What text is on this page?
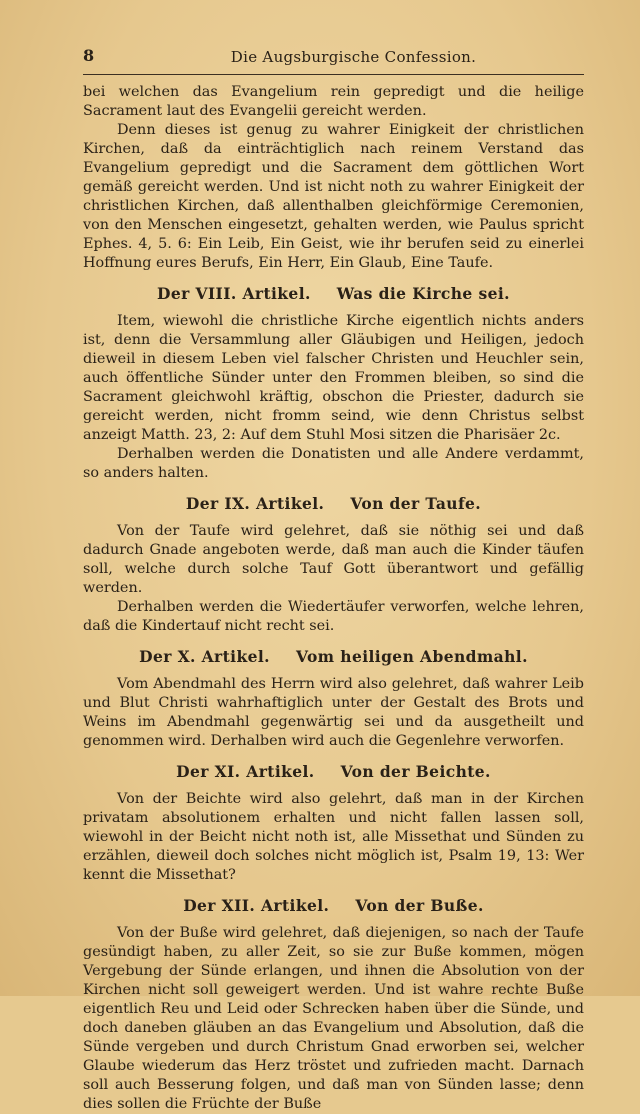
8	Die Augsburgische Confession.

bei welchen das Evangelium rein gepredigt und die heilige Sacrament laut des Evangelii gereicht werden.

Denn dieses ist genug zu wahrer Einigkeit der christlichen Kirchen, daß da einträchtiglich nach reinem Verstand das Evangelium gepredigt und die Sacrament dem göttlichen Wort gemäß gereicht werden. Und ist nicht noth zu wahrer Einigkeit der christlichen Kirchen, daß allenthalben gleichförmige Ceremonien, von den Menschen eingesetzt, gehalten werden, wie Paulus spricht Ephes. 4, 5. 6: Ein Leib, Ein Geist, wie ihr berufen seid zu einerlei Hoffnung eures Berufs, Ein Herr, Ein Glaub, Eine Taufe.

Der VIII. Artikel. Was die Kirche sei.

Item, wiewohl die christliche Kirche eigentlich nichts anders ist, denn die Versammlung aller Gläubigen und Heiligen, jedoch dieweil in diesem Leben viel falscher Christen und Heuchler sein, auch öffentliche Sünder unter den Frommen bleiben, so sind die Sacrament gleichwohl kräftig, obschon die Priester, dadurch sie gereicht werden, nicht fromm seind, wie denn Christus selbst anzeigt Matth. 23, 2: Auf dem Stuhl Mosi sitzen die Pharisäer 2c.

Derhalben werden die Donatisten und alle Andere verdammt, so anders halten.

Der IX. Artikel. Von der Taufe.

Von der Taufe wird gelehret, daß sie nöthig sei und daß dadurch Gnade angeboten werde, daß man auch die Kinder täufen soll, welche durch solche Tauf Gott überantwort und gefällig werden.

Derhalben werden die Wiedertäufer verworfen, welche lehren, daß die Kindertauf nicht recht sei.

Der X. Artikel. Vom heiligen Abendmahl.

Vom Abendmahl des Herrn wird also gelehret, daß wahrer Leib und Blut Christi wahrhaftiglich unter der Gestalt des Brots und Weins im Abendmahl gegenwärtig sei und da ausgetheilt und genommen wird. Derhalben wird auch die Gegenlehre verworfen.

Der XI. Artikel. Von der Beichte.

Von der Beichte wird also gelehrt, daß man in der Kirchen privatam absolutionem erhalten und nicht fallen lassen soll, wiewohl in der Beicht nicht noth ist, alle Missethat und Sünden zu erzählen, dieweil doch solches nicht möglich ist, Psalm 19, 13: Wer kennt die Missethat?

Der XII. Artikel. Von der Buße.

Von der Buße wird gelehret, daß diejenigen, so nach der Taufe gesündigt haben, zu aller Zeit, so sie zur Buße kommen, mögen Vergebung der Sünde erlangen, und ihnen die Absolution von der Kirchen nicht soll geweigert werden. Und ist wahre rechte Buße eigentlich Reu und Leid oder Schrecken haben über die Sünde, und doch daneben gläuben an das Evangelium und Absolution, daß die Sünde vergeben und durch Christum Gnad erworben sei, welcher Glaube wiederum das Herz tröstet und zufrieden macht. Darnach soll auch Besserung folgen, und daß man von Sünden lasse; denn dies sollen die Früchte der Buße
